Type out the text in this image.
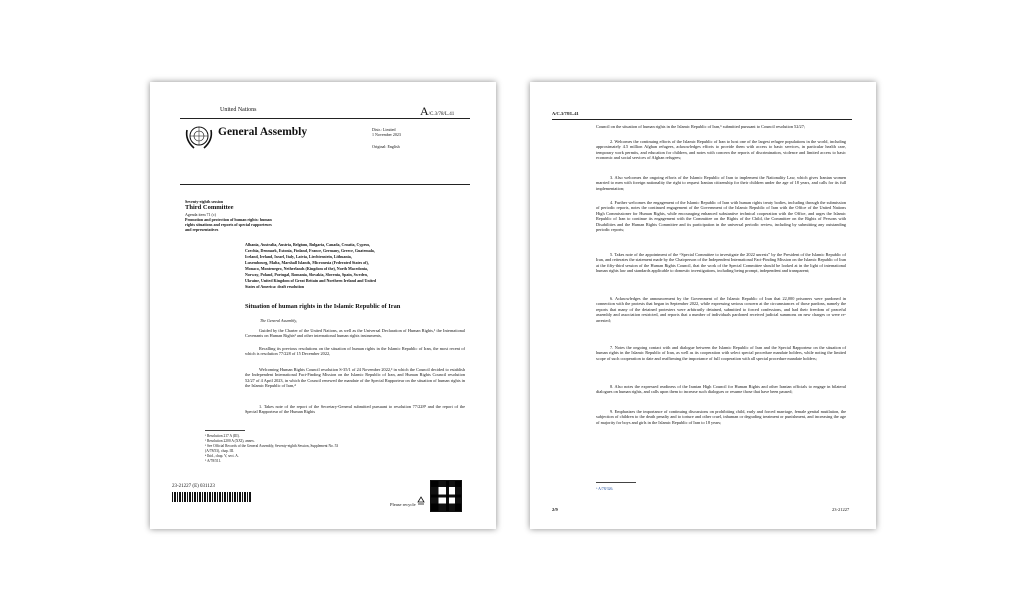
United Nations	A/C.3/78/L.41
General Assembly	Distr.: Limited
1 November 2023
Original: English
Seventy-eighth session
Third Committee
Agenda item 71 (c)
Promotion and protection of human rights: human
rights situations and reports of special rapporteurs
and representatives
Albania, Australia, Austria, Belgium, Bulgaria, Canada, Croatia, Cyprus,
Czechia, Denmark, Estonia, Finland, France, Germany, Greece, Guatemala,
Iceland, Ireland, Israel, Italy, Latvia, Liechtenstein, Lithuania,
Luxembourg, Malta, Marshall Islands, Micronesia (Federated States of),
Monaco, Montenegro, Netherlands (Kingdom of the), North Macedonia,
Norway, Poland, Portugal, Romania, Slovakia, Slovenia, Spain, Sweden,
Ukraine, United Kingdom of Great Britain and Northern Ireland and United
States of America: draft resolution
Situation of human rights in the Islamic Republic of Iran
The General Assembly,
Guided by the Charter of the United Nations, as well as the Universal Declaration of Human Rights,¹ the International Covenants on Human Rights² and other international human rights instruments,
Recalling its previous resolutions on the situation of human rights in the Islamic Republic of Iran, the most recent of which is resolution 77/228 of 15 December 2022,
Welcoming Human Rights Council resolution S-35/1 of 24 November 2022,³ in which the Council decided to establish the Independent International Fact-Finding Mission on the Islamic Republic of Iran, and Human Rights Council resolution 52/27 of 4 April 2023, in which the Council renewed the mandate of the Special Rapporteur on the situation of human rights in the Islamic Republic of Iran,⁴
1. Takes note of the report of the Secretary-General submitted pursuant to resolution 77/228⁵ and the report of the Special Rapporteur of the Human Rights
¹ Resolution 217 A (III).
² Resolution 2200 A (XXI), annex.
³ See Official Records of the General Assembly, Seventy-eighth Session, Supplement No. 53
(A/78/53), chap. III.
⁴ Ibid., chap. V, sect. A.
⁵ A/78/511.
23-21227 (E) 031123
Please recycle
A/C.3/78/L.41
Council on the situation of human rights in the Islamic Republic of Iran,⁶ submitted pursuant to Council resolution 52/27;
2. Welcomes the continuing efforts of the Islamic Republic of Iran to host one of the largest refugee populations in the world, including approximately 4.5 million Afghan refugees, acknowledges efforts to provide them with access to basic services, in particular health care, temporary work permits, and education for children, and notes with concern the reports of discrimination, violence and limited access to basic economic and social services of Afghan refugees;
3. Also welcomes the ongoing efforts of the Islamic Republic of Iran to implement the Nationality Law, which gives Iranian women married to men with foreign nationality the right to request Iranian citizenship for their children under the age of 18 years, and calls for its full implementation;
4. Further welcomes the engagement of the Islamic Republic of Iran with human rights treaty bodies, including through the submission of periodic reports, notes the continued engagement of the Government of the Islamic Republic of Iran with the Office of the United Nations High Commissioner for Human Rights, while encouraging enhanced substantive technical cooperation with the Office, and urges the Islamic Republic of Iran to continue its engagement with the Committee on the Rights of the Child, the Committee on the Rights of Persons with Disabilities and the Human Rights Committee and its participation in the universal periodic review, including by submitting any outstanding periodic reports;
5. Takes note of the appointment of the “Special Committee to investigate the 2022 unrests” by the President of the Islamic Republic of Iran, and reiterates the statement made by the Chairperson of the Independent International Fact-Finding Mission on the Islamic Republic of Iran at the fifty-third session of the Human Rights Council, that the work of the Special Committee should be looked at in the light of international human rights law and standards applicable to domestic investigations, including being prompt, independent and transparent;
6. Acknowledges the announcement by the Government of the Islamic Republic of Iran that 22,000 prisoners were pardoned in connection with the protests that began in September 2022, while expressing serious concern at the circumstances of those pardons, namely the reports that many of the detained protesters were arbitrarily detained, submitted to forced confessions, and had their freedom of peaceful assembly and association restricted, and reports that a number of individuals pardoned received judicial summons on new charges or were re-arrested;
7. Notes the ongoing contact with and dialogue between the Islamic Republic of Iran and the Special Rapporteur on the situation of human rights in the Islamic Republic of Iran, as well as its cooperation with select special procedure mandate holders, while noting the limited scope of such cooperation to date and reaffirming the importance of full cooperation with all special procedure mandate holders;
8. Also notes the expressed readiness of the Iranian High Council for Human Rights and other Iranian officials to engage in bilateral dialogues on human rights, and calls upon them to increase such dialogues or resume those that have been paused;
9. Emphasizes the importance of continuing discussions on prohibiting child, early and forced marriage, female genital mutilation, the subjection of children to the death penalty and to torture and other cruel, inhuman or degrading treatment or punishment, and increasing the age of majority for boys and girls in the Islamic Republic of Iran to 18 years;
⁶ A/78/326.
2/9	23-21227
